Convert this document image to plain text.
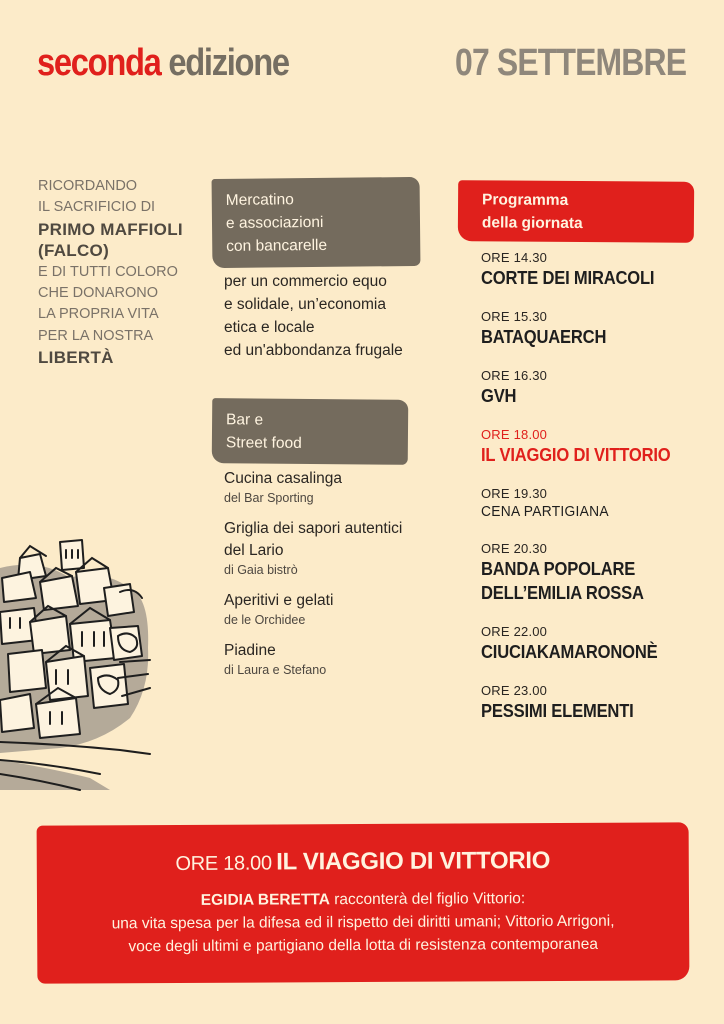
seconda edizione	07 SETTEMBRE
RICORDANDO
IL SACRIFICIO DI
PRIMO MAFFIOLI
(FALCO)
E DI TUTTI COLORO
CHE DONARONO
LA PROPRIA VITA
PER LA NOSTRA
LIBERTÀ
Mercatino
e associazioni
con bancarelle
per un commercio equo
e solidale, un’economia
etica e locale
ed un'abbondanza frugale
Bar e
Street food
Cucina casalinga
del Bar Sporting
Griglia dei sapori autentici
del Lario
di Gaia bistrò
Aperitivi e gelati
de le Orchidee
Piadine
di Laura e Stefano
Programma
della giornata
ORE 14.30
CORTE DEI MIRACOLI
ORE 15.30
BATAQUAERCH
ORE 16.30
GVH
ORE 18.00
IL VIAGGIO DI VITTORIO
ORE 19.30
CENA PARTIGIANA
ORE 20.30
BANDA POPOLARE
DELL’EMILIA ROSSA
ORE 22.00
CIUCIAKAMARONONÈ
ORE 23.00
PESSIMI ELEMENTI
ORE 18.00 IL VIAGGIO DI VITTORIO
EGIDIA BERETTA racconterà del figlio Vittorio:
una vita spesa per la difesa ed il rispetto dei diritti umani; Vittorio Arrigoni,
voce degli ultimi e partigiano della lotta di resistenza contemporanea
